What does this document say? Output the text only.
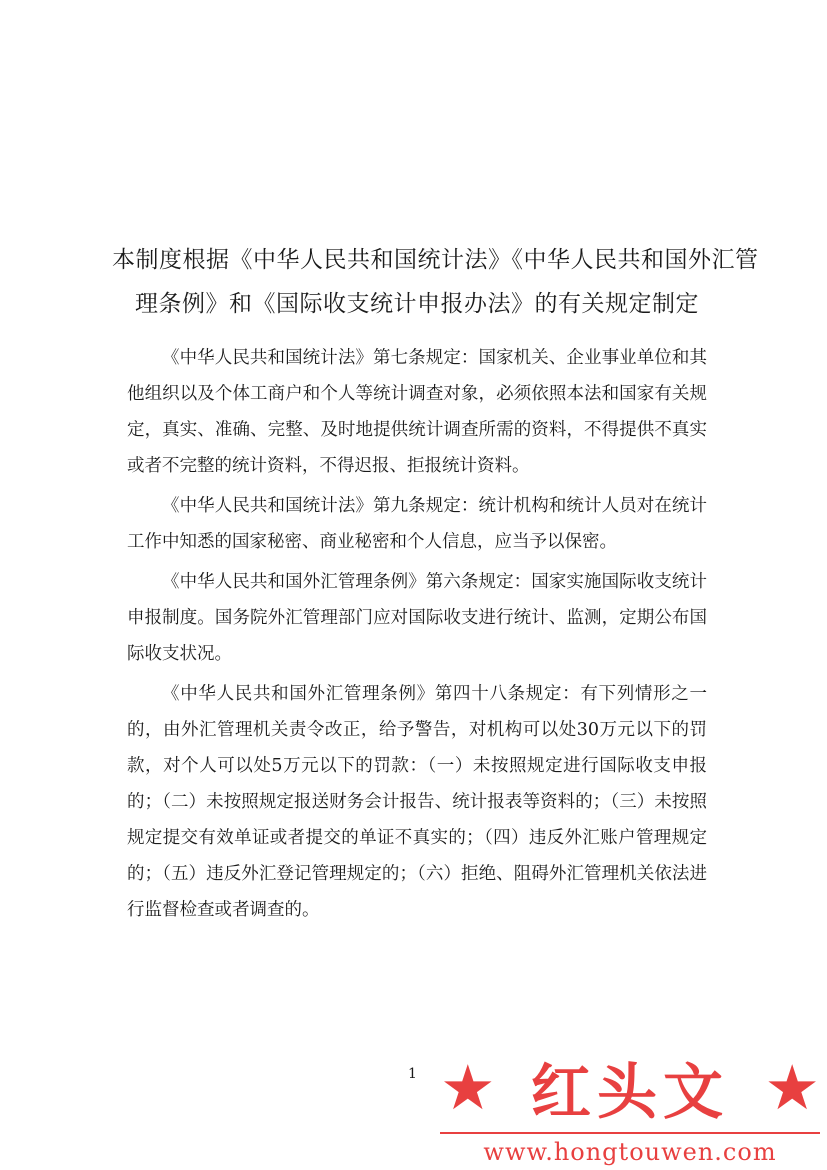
本制度根据《中华人民共和国统计法》《中华人民共和国外汇管
理条例》和《国际收支统计申报办法》的有关规定制定

《中华人民共和国统计法》第七条规定：国家机关、企业事业单位和其他组织以及个体工商户和个人等统计调查对象，必须依照本法和国家有关规定，真实、准确、完整、及时地提供统计调查所需的资料，不得提供不真实或者不完整的统计资料，不得迟报、拒报统计资料。

《中华人民共和国统计法》第九条规定：统计机构和统计人员对在统计工作中知悉的国家秘密、商业秘密和个人信息，应当予以保密。

《中华人民共和国外汇管理条例》第六条规定：国家实施国际收支统计申报制度。国务院外汇管理部门应对国际收支进行统计、监测，定期公布国际收支状况。

《中华人民共和国外汇管理条例》第四十八条规定：有下列情形之一的，由外汇管理机关责令改正，给予警告，对机构可以处30万元以下的罚款，对个人可以处5万元以下的罚款：（一）未按照规定进行国际收支申报的；（二）未按照规定报送财务会计报告、统计报表等资料的；（三）未按照规定提交有效单证或者提交的单证不真实的；（四）违反外汇账户管理规定的；（五）违反外汇登记管理规定的；（六）拒绝、阻碍外汇管理机关依法进行监督检查或者调查的。

1 ★ 红头文 ★
www.hongtouwen.com
